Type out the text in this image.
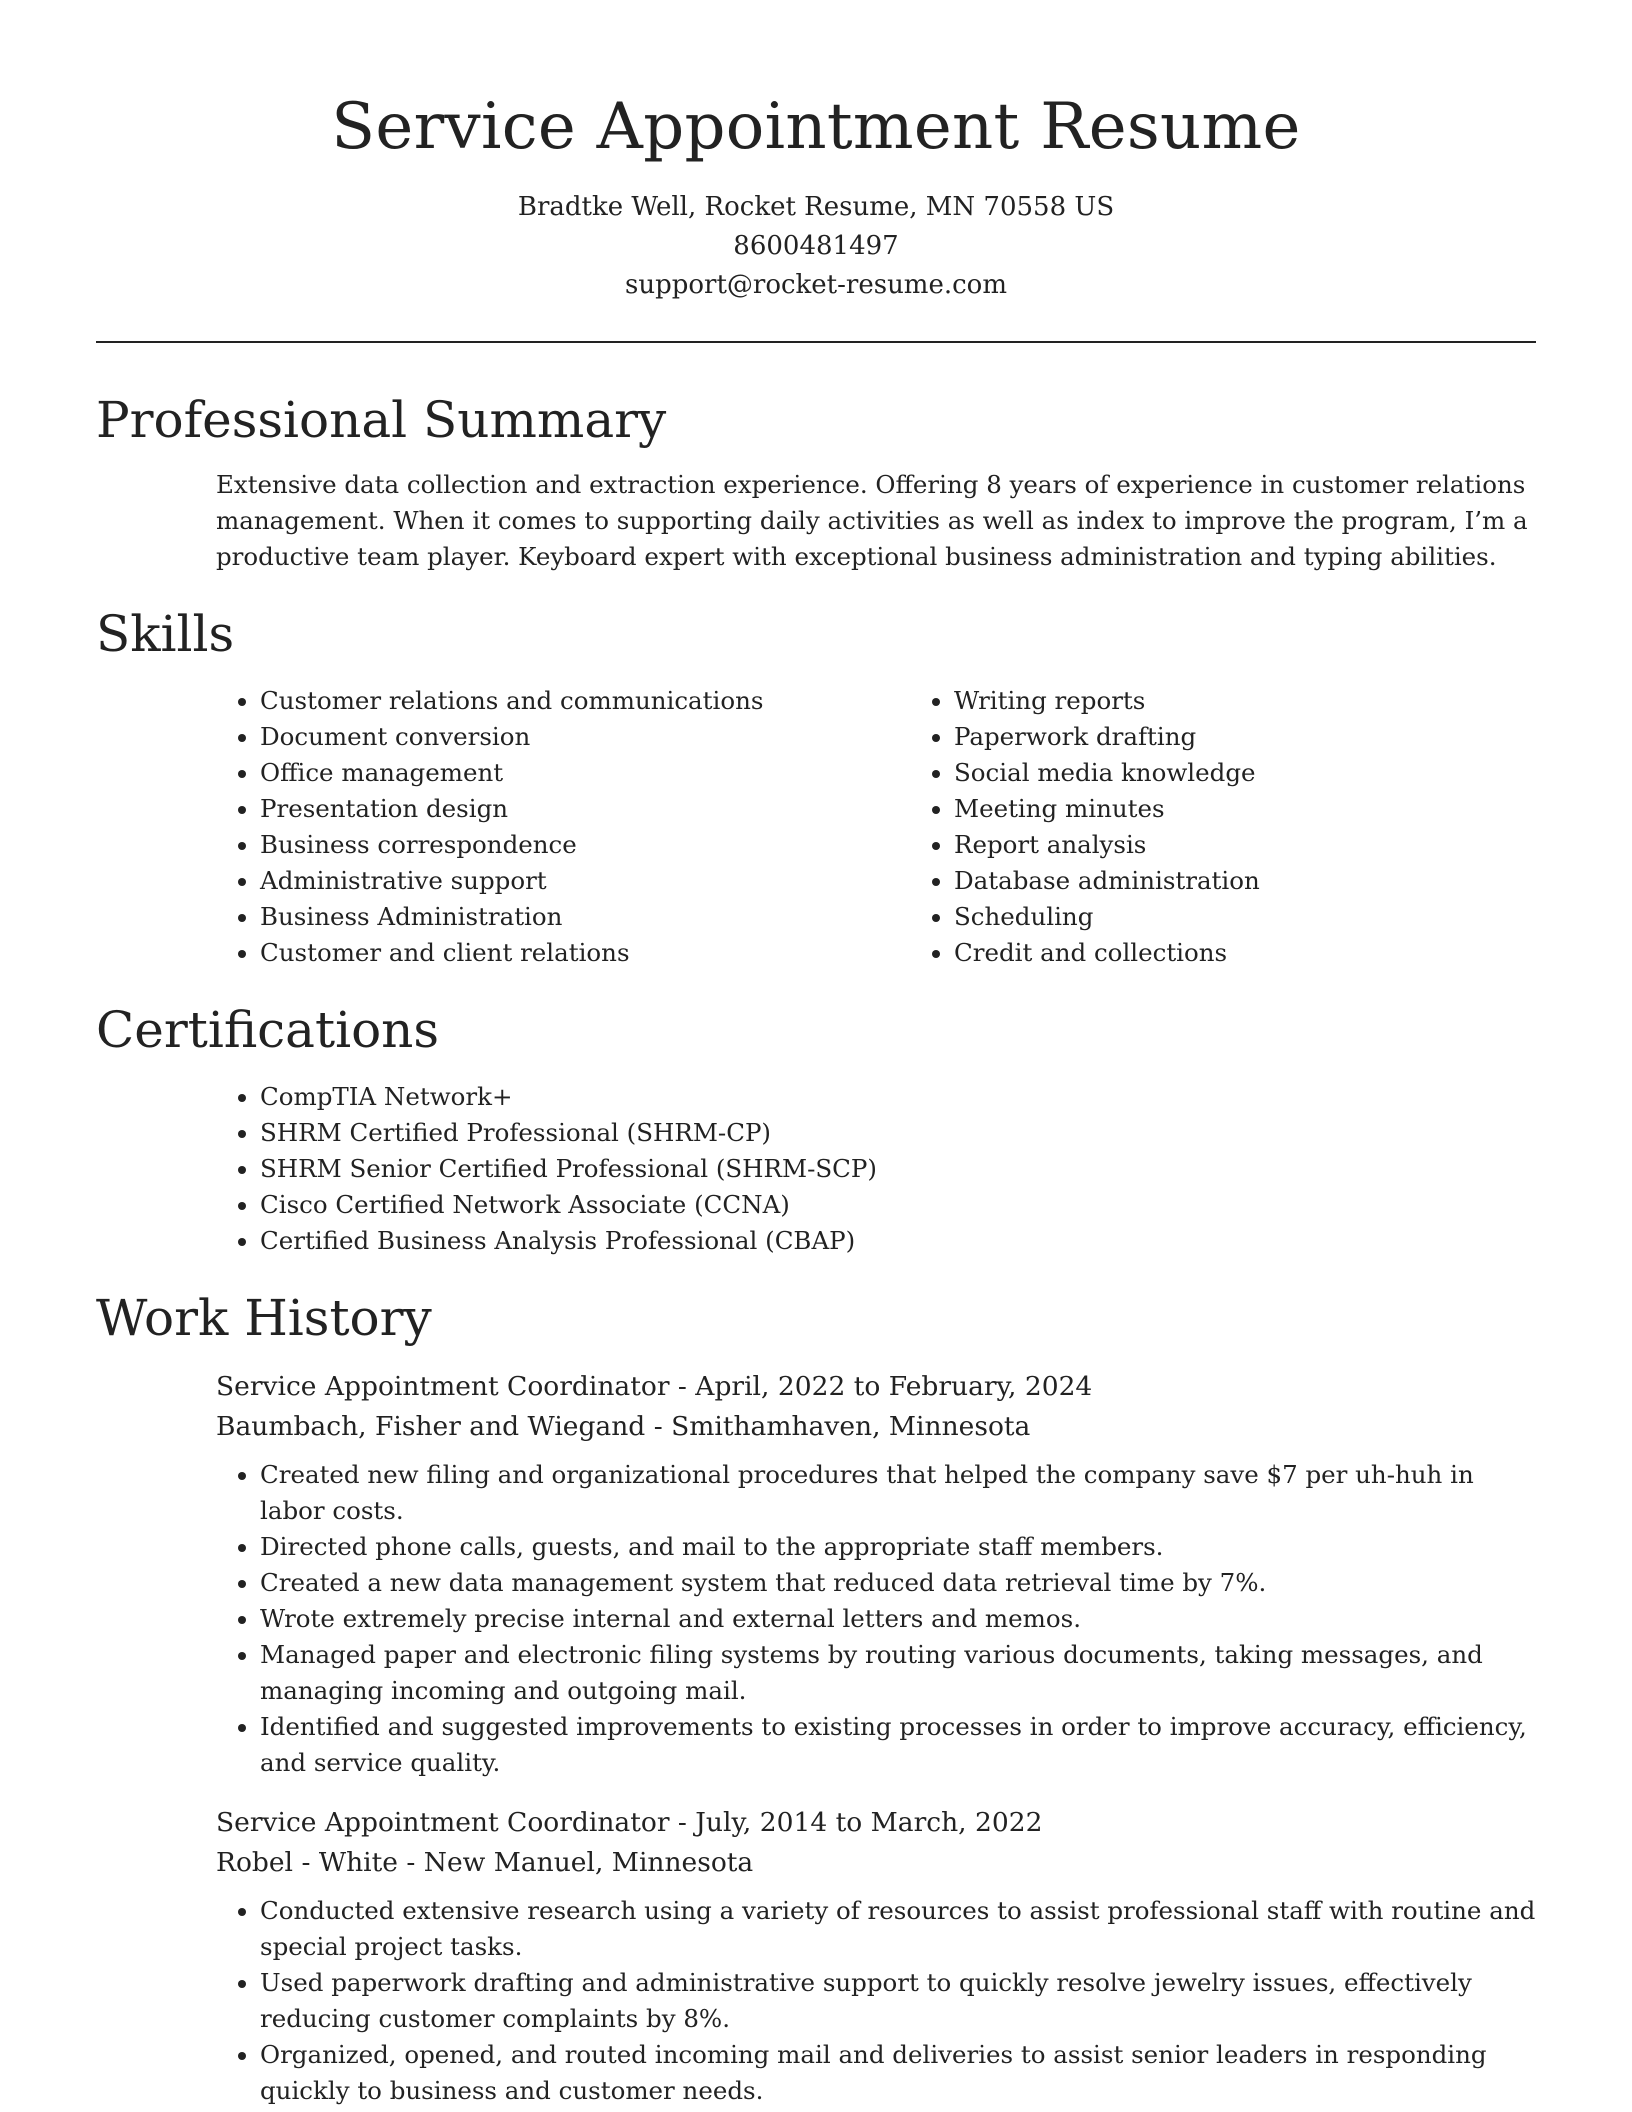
Service Appointment Resume
Bradtke Well, Rocket Resume, MN 70558 US
8600481497
support@rocket-resume.com
Professional Summary

Extensive data collection and extraction experience. Offering 8 years of experience in customer relations management. When it comes to supporting daily activities as well as index to improve the program, I’m a productive team player. Keyboard expert with exceptional business administration and typing abilities.

Skills
• Customer relations and communications
• Document conversion
• Office management
• Presentation design
• Business correspondence
• Administrative support
• Business Administration
• Customer and client relations
• Writing reports
• Paperwork drafting
• Social media knowledge
• Meeting minutes
• Report analysis
• Database administration
• Scheduling
• Credit and collections
Certifications
• CompTIA Network+
• SHRM Certified Professional (SHRM-CP)
• SHRM Senior Certified Professional (SHRM-SCP)
• Cisco Certified Network Associate (CCNA)
• Certified Business Analysis Professional (CBAP)
Work History
Service Appointment Coordinator - April, 2022 to February, 2024
Baumbach, Fisher and Wiegand - Smithamhaven, Minnesota
• Created new filing and organizational procedures that helped the company save $7 per uh-huh in labor costs.
• Directed phone calls, guests, and mail to the appropriate staff members.
• Created a new data management system that reduced data retrieval time by 7%.
• Wrote extremely precise internal and external letters and memos.
• Managed paper and electronic filing systems by routing various documents, taking messages, and managing incoming and outgoing mail.
• Identified and suggested improvements to existing processes in order to improve accuracy, efficiency, and service quality.
Service Appointment Coordinator - July, 2014 to March, 2022
Robel - White - New Manuel, Minnesota
• Conducted extensive research using a variety of resources to assist professional staff with routine and special project tasks.
• Used paperwork drafting and administrative support to quickly resolve jewelry issues, effectively reducing customer complaints by 8%.
• Organized, opened, and routed incoming mail and deliveries to assist senior leaders in responding quickly to business and customer needs.
